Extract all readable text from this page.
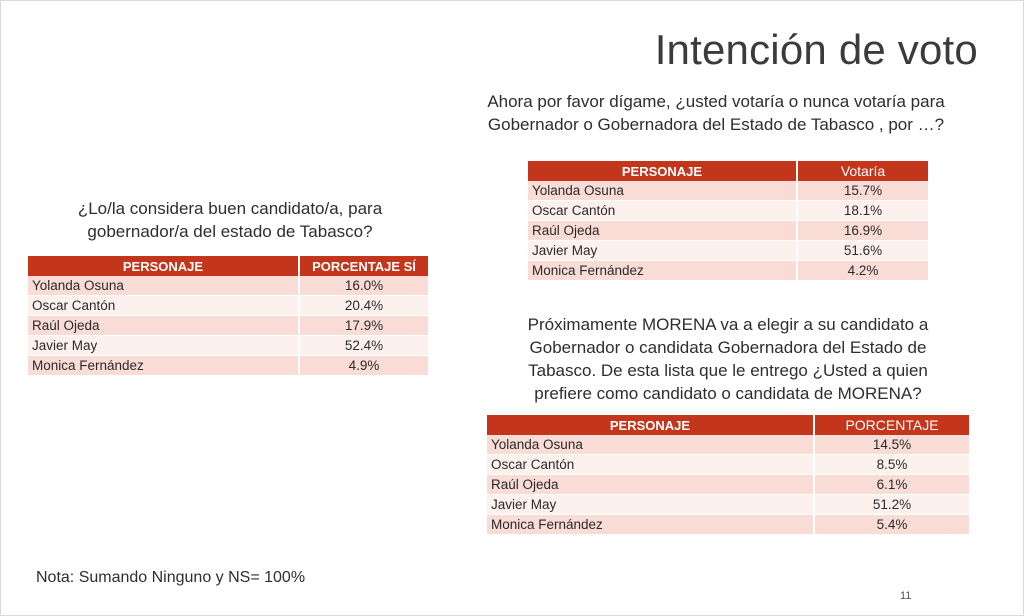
Intención de voto
¿Lo/la considera buen candidato/a, para
gobernador/a del estado de Tabasco?
PERSONAJE	PORCENTAJE SÍ
Yolanda Osuna	16.0%
Oscar Cantón	20.4%
Raúl Ojeda	17.9%
Javier May	52.4%
Monica Fernández	4.9%
Ahora por favor dígame, ¿usted votaría o nunca votaría para
Gobernador o Gobernadora del Estado de Tabasco , por …?
PERSONAJE	Votaría
Yolanda Osuna	15.7%
Oscar Cantón	18.1%
Raúl Ojeda	16.9%
Javier May	51.6%
Monica Fernández	4.2%
Próximamente MORENA va a elegir a su candidato a
Gobernador o candidata Gobernadora del Estado de
Tabasco. De esta lista que le entrego ¿Usted a quien
prefiere como candidato o candidata de MORENA?
PERSONAJE	PORCENTAJE
Yolanda Osuna	14.5%
Oscar Cantón	8.5%
Raúl Ojeda	6.1%
Javier May	51.2%
Monica Fernández	5.4%
Nota: Sumando Ninguno y NS= 100%
11
